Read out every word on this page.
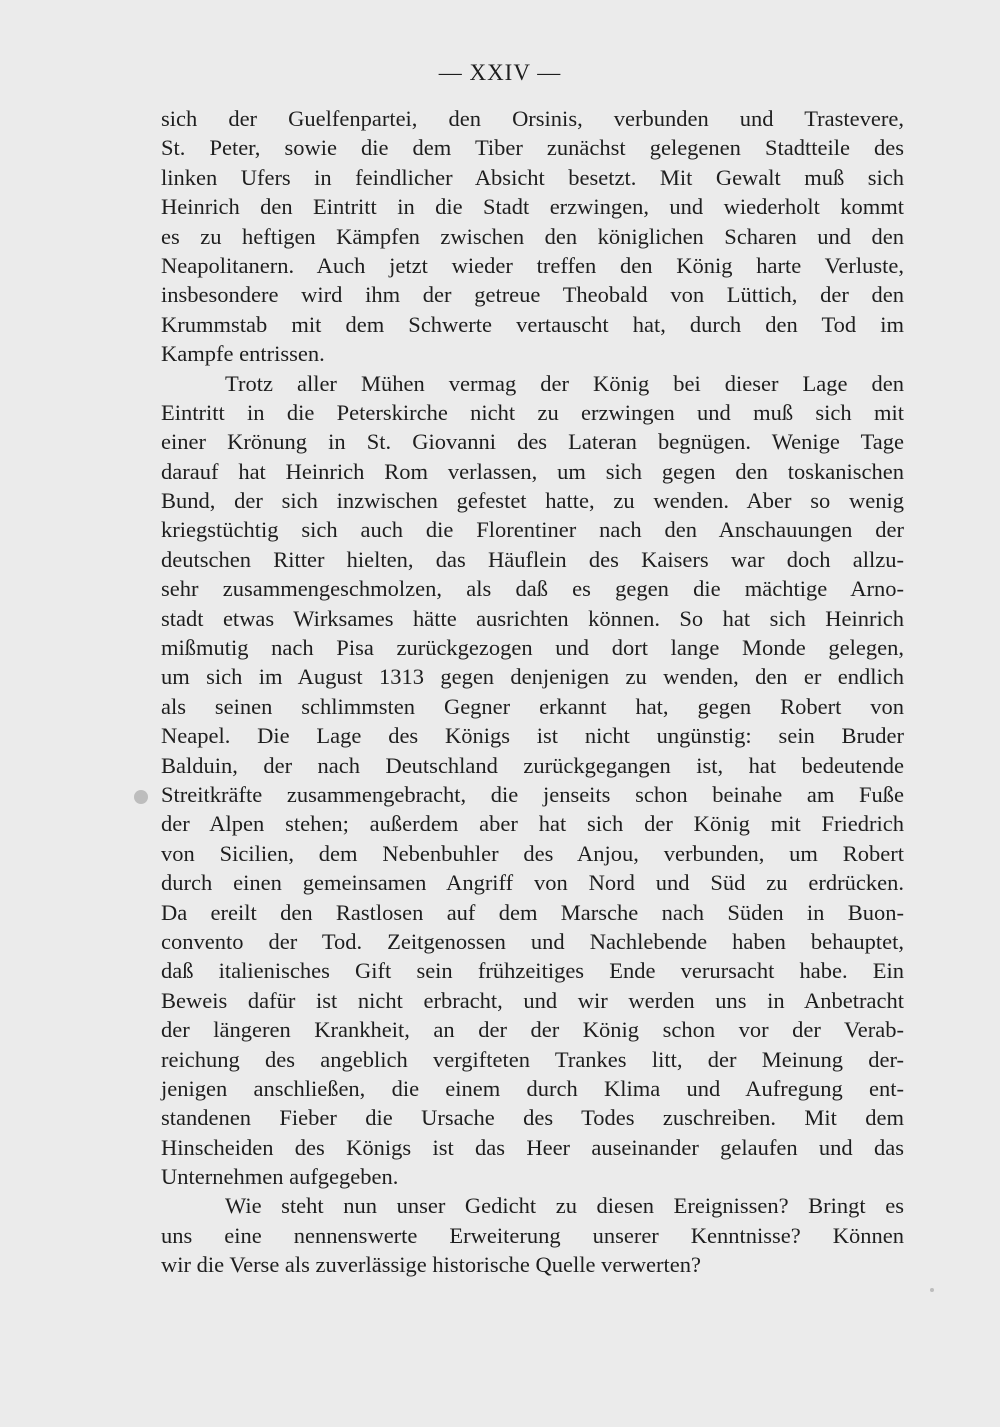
— XXIV —
sich der Guelfenpartei, den Orsinis, verbunden und Trastevere,
St. Peter, sowie die dem Tiber zunächst gelegenen Stadtteile des
linken Ufers in feindlicher Absicht besetzt. Mit Gewalt muß sich
Heinrich den Eintritt in die Stadt erzwingen, und wiederholt kommt
es zu heftigen Kämpfen zwischen den königlichen Scharen und den
Neapolitanern. Auch jetzt wieder treffen den König harte Verluste,
insbesondere wird ihm der getreue Theobald von Lüttich, der den
Krummstab mit dem Schwerte vertauscht hat, durch den Tod im
Kampfe entrissen.
Trotz aller Mühen vermag der König bei dieser Lage den
Eintritt in die Peterskirche nicht zu erzwingen und muß sich mit
einer Krönung in St. Giovanni des Lateran begnügen. Wenige Tage
darauf hat Heinrich Rom verlassen, um sich gegen den toskanischen
Bund, der sich inzwischen gefestet hatte, zu wenden. Aber so wenig
kriegstüchtig sich auch die Florentiner nach den Anschauungen der
deutschen Ritter hielten, das Häuflein des Kaisers war doch allzu-
sehr zusammengeschmolzen, als daß es gegen die mächtige Arno-
stadt etwas Wirksames hätte ausrichten können. So hat sich Heinrich
mißmutig nach Pisa zurückgezogen und dort lange Monde gelegen,
um sich im August 1313 gegen denjenigen zu wenden, den er endlich
als seinen schlimmsten Gegner erkannt hat, gegen Robert von
Neapel. Die Lage des Königs ist nicht ungünstig: sein Bruder
Balduin, der nach Deutschland zurückgegangen ist, hat bedeutende
Streitkräfte zusammengebracht, die jenseits schon beinahe am Fuße
der Alpen stehen; außerdem aber hat sich der König mit Friedrich
von Sicilien, dem Nebenbuhler des Anjou, verbunden, um Robert
durch einen gemeinsamen Angriff von Nord und Süd zu erdrücken.
Da ereilt den Rastlosen auf dem Marsche nach Süden in Buon-
convento der Tod. Zeitgenossen und Nachlebende haben behauptet,
daß italienisches Gift sein frühzeitiges Ende verursacht habe. Ein
Beweis dafür ist nicht erbracht, und wir werden uns in Anbetracht
der längeren Krankheit, an der der König schon vor der Verab-
reichung des angeblich vergifteten Trankes litt, der Meinung der-
jenigen anschließen, die einem durch Klima und Aufregung ent-
standenen Fieber die Ursache des Todes zuschreiben. Mit dem
Hinscheiden des Königs ist das Heer auseinander gelaufen und das
Unternehmen aufgegeben.
Wie steht nun unser Gedicht zu diesen Ereignissen? Bringt es
uns eine nennenswerte Erweiterung unserer Kenntnisse? Können
wir die Verse als zuverlässige historische Quelle verwerten?
